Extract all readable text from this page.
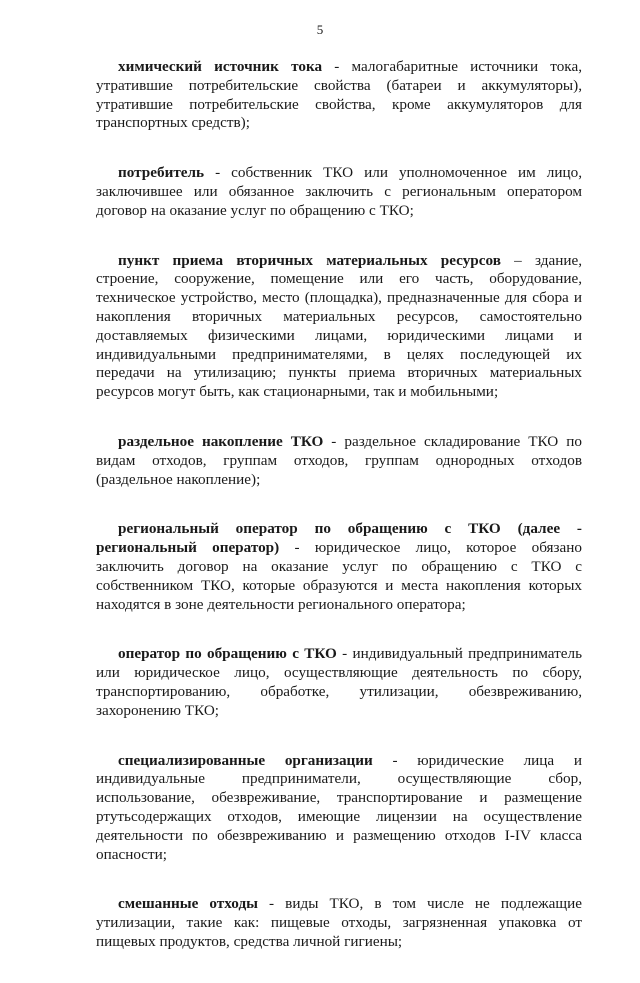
5

химический источник тока - малогабаритные источники тока, утратившие потребительские свойства (батареи и аккумуляторы), утратившие потребительские свойства, кроме аккумуляторов для транспортных средств);

потребитель - собственник ТКО или уполномоченное им лицо, заключившее или обязанное заключить с региональным оператором договор на оказание услуг по обращению с ТКО;

пункт приема вторичных материальных ресурсов – здание, строение, сооружение, помещение или его часть, оборудование, техническое устройство, место (площадка), предназначенные для сбора и накопления вторичных материальных ресурсов, самостоятельно доставляемых физическими лицами, юридическими лицами и индивидуальными предпринимателями, в целях последующей их передачи на утилизацию; пункты приема вторичных материальных ресурсов могут быть, как стационарными, так и мобильными;

раздельное накопление ТКО - раздельное складирование ТКО по видам отходов, группам отходов, группам однородных отходов (раздельное накопление);

региональный оператор по обращению с ТКО (далее - региональный оператор) - юридическое лицо, которое обязано заключить договор на оказание услуг по обращению с ТКО с собственником ТКО, которые образуются и места накопления которых находятся в зоне деятельности регионального оператора;

оператор по обращению с ТКО - индивидуальный предприниматель или юридическое лицо, осуществляющие деятельность по сбору, транспортированию, обработке, утилизации, обезвреживанию, захоронению ТКО;

специализированные организации - юридические лица и индивидуальные предприниматели, осуществляющие сбор, использование, обезвреживание, транспортирование и размещение ртутьсодержащих отходов, имеющие лицензии на осуществление деятельности по обезвреживанию и размещению отходов I-IV класса опасности;

смешанные отходы - виды ТКО, в том числе не подлежащие утилизации, такие как: пищевые отходы, загрязненная упаковка от пищевых продуктов, средства личной гигиены;
